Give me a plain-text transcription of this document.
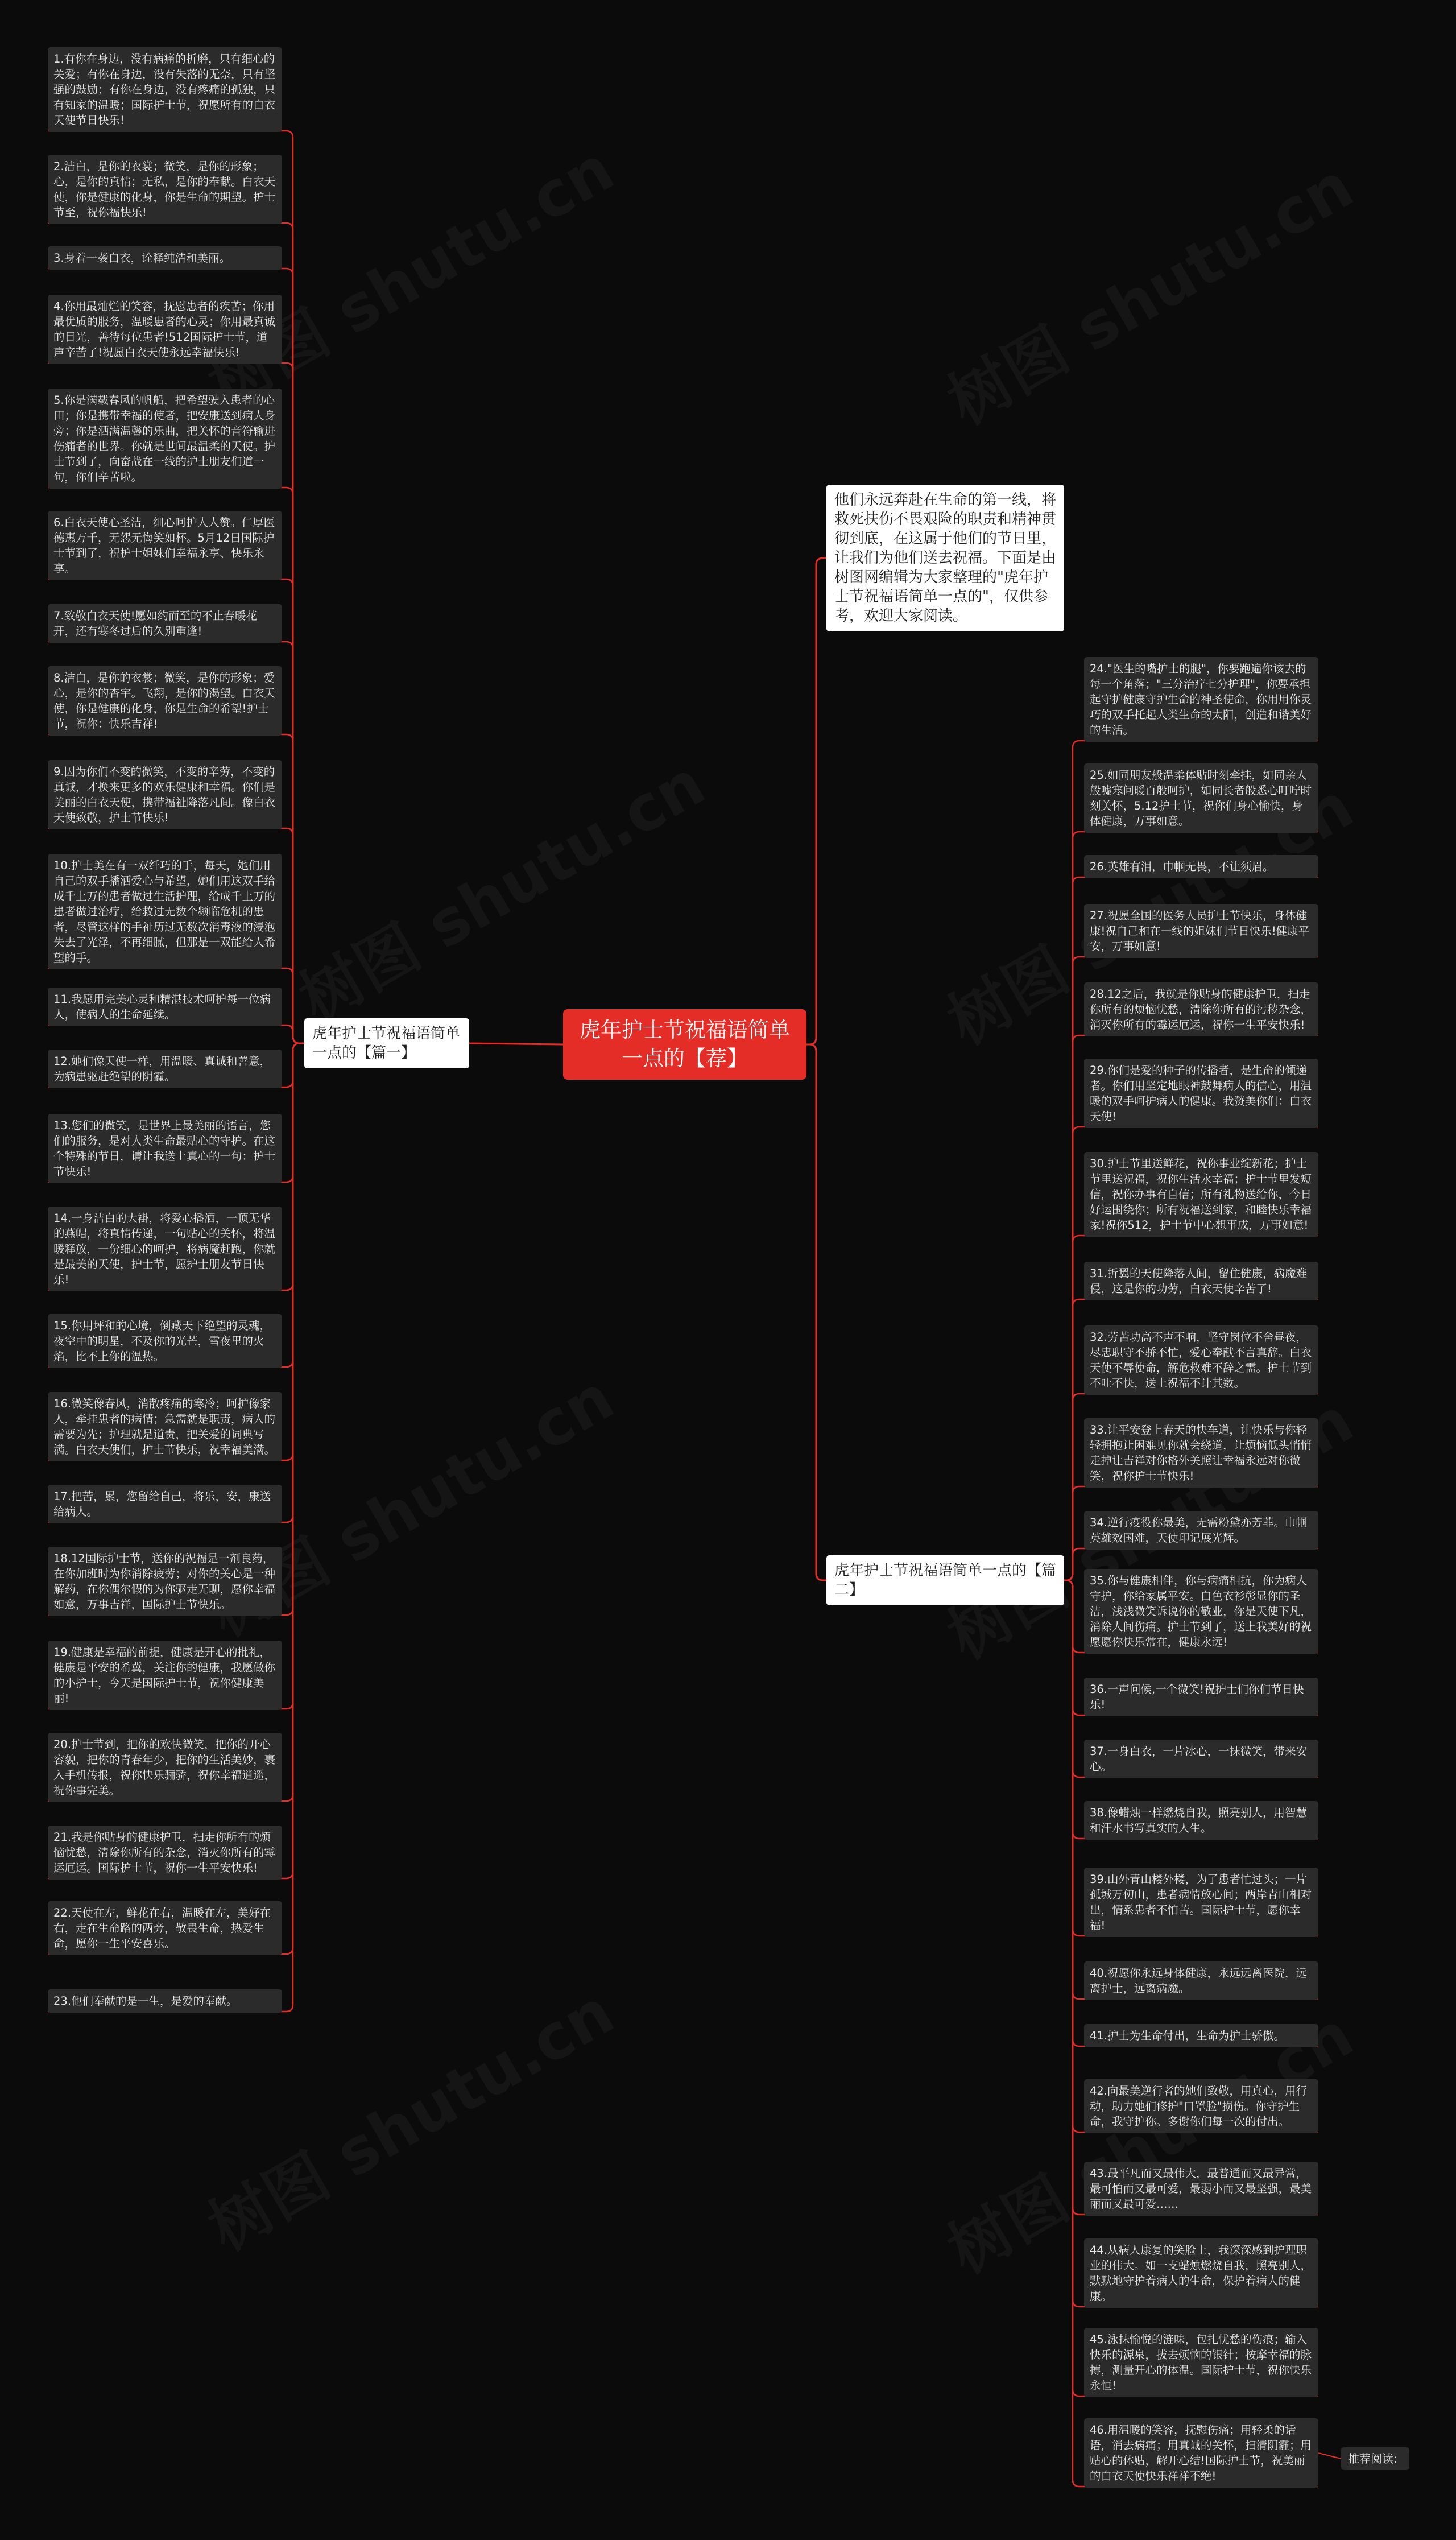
虎年护士节祝福语简单一点的【荐】
虎年护士节祝福语简单一点的【篇一】
他们永远奔赴在生命的第一线，将救死扶伤不畏艰险的职责和精神贯彻到底，在这属于他们的节日里，让我们为他们送去祝福。下面是由树图网编辑为大家整理的"虎年护士节祝福语简单一点的"，仅供参考，欢迎大家阅读。
虎年护士节祝福语简单一点的【篇二】
1.有你在身边，没有病痛的折磨，只有细心的关爱；有你在身边，没有失落的无奈，只有坚强的鼓励；有你在身边，没有疼痛的孤独，只有知家的温暖；国际护士节，祝愿所有的白衣天使节日快乐!
2.洁白，是你的衣裳；微笑，是你的形象；心，是你的真情；无私，是你的奉献。白衣天使，你是健康的化身，你是生命的期望。护士节至，祝你福快乐!
3.身着一袭白衣，诠释纯洁和美丽。
4.你用最灿烂的笑容，抚慰患者的疾苦；你用最优质的服务，温暖患者的心灵；你用最真诚的目光，善待每位患者!512国际护士节，道声辛苦了!祝愿白衣天使永远幸福快乐!
5.你是满载春风的帆船，把希望驶入患者的心田；你是携带幸福的使者，把安康送到病人身旁；你是洒满温馨的乐曲，把关怀的音符输进伤痛者的世界。你就是世间最温柔的天使。护士节到了，向奋战在一线的护士朋友们道一句，你们辛苦啦。
6.白衣天使心圣洁，细心呵护人人赞。仁厚医德惠万千，无怨无悔笑如杯。5月12日国际护士节到了，祝护士姐妹们幸福永享、快乐永享。
7.致敬白衣天使!愿如约而至的不止春暖花开，还有寒冬过后的久别重逢!
8.洁白，是你的衣裳；微笑，是你的形象；爱心，是你的杏宇。飞翔，是你的渴望。白衣天使，你是健康的化身，你是生命的希望!护士节，祝你：快乐吉祥!
9.因为你们不变的微笑，不变的辛劳，不变的真诚，才换来更多的欢乐健康和幸福。你们是美丽的白衣天使，携带福祉降落凡间。像白衣天使致敬，护士节快乐!
10.护士美在有一双纤巧的手，每天，她们用自己的双手播洒爱心与希望，她们用这双手给成千上万的患者做过生活护理，给成千上万的患者做过治疗，给救过无数个频临危机的患者，尽管这样的手祉历过无数次消毒液的浸泡失去了光泽，不再细腻，但那是一双能给人希望的手。
11.我愿用完美心灵和精湛技术呵护每一位病人，使病人的生命延续。
12.她们像天使一样，用温暖、真诚和善意，为病患驱赶绝望的阴霾。
13.您们的微笑，是世界上最美丽的语言，您们的服务，是对人类生命最贴心的守护。在这个特殊的节日，请让我送上真心的一句：护士节快乐!
14.一身洁白的大褂，将爱心播洒，一顶无华的燕帽，将真情传递，一句贴心的关怀，将温暖释放，一份细心的呵护，将病魔赶跑，你就是最美的天使，护士节，愿护士朋友节日快乐!
15.你用坪和的心境，倒藏天下绝望的灵魂，夜空中的明星，不及你的光芒，雪夜里的火焰，比不上你的温热。
16.微笑像春风，消散疼痛的寒冷；呵护像家人，牵挂患者的病情；急需就是职责，病人的需要为先；护理就是道责，把关爱的词典写满。白衣天使们，护士节快乐，祝幸福美满。
17.把苦，累，您留给自己，将乐，安，康送给病人。
18.12国际护士节，送你的祝福是一剂良药，在你加班时为你消除疲劳；对你的关心是一种解药，在你偶尔假的为你驱走无聊，愿你幸福如意，万事吉祥，国际护士节快乐。
19.健康是幸福的前提，健康是开心的批礼，健康是平安的希冀，关注你的健康，我愿做你的小护士，今天是国际护士节，祝你健康美丽!
20.护士节到，把你的欢快微笑，把你的开心容貌，把你的青春年少，把你的生活美妙，裹入手机传报，祝你快乐骊骄，祝你幸福逍遥，祝你事完美。
21.我是你贴身的健康护卫，扫走你所有的烦恼忧愁，清除你所有的杂念，消灭你所有的霉运厄运。国际护士节，祝你一生平安快乐!
22.天使在左，鲜花在右，温暖在左，美好在右，走在生命路的两旁，敬畏生命，热爱生命，愿你一生平安喜乐。
23.他们奉献的是一生，是爱的奉献。
24."医生的嘴护士的腿"，你要跑遍你该去的每一个角落；"三分治疗七分护理"，你要承担起守护健康守护生命的神圣使命，你用用你灵巧的双手托起人类生命的太阳，创造和谐美好的生活。
25.如同朋友般温柔体贴时刻牵挂，如同亲人般嘘寒问暖百般呵护，如同长者般悉心叮咛时刻关怀，5.12护士节，祝你们身心愉快，身体健康，万事如意。
26.英雄有泪，巾帼无畏，不让须眉。
27.祝愿全国的医务人员护士节快乐，身体健康!祝自己和在一线的姐妹们节日快乐!健康平安，万事如意!
28.12之后，我就是你贴身的健康护卫，扫走你所有的烦恼忧愁，清除你所有的污秽杂念，消灭你所有的霉运厄运，祝你一生平安快乐!
29.你们是爱的种子的传播者，是生命的倾递者。你们用坚定地眼神鼓舞病人的信心，用温暖的双手呵护病人的健康。我赞美你们：白衣天使!
30.护士节里送鲜花，祝你事业绽新花；护士节里送祝福，祝你生活永幸福；护士节里发短信，祝你办事有自信；所有礼物送给你，今日好运围绕你；所有祝福送到家，和睦快乐幸福家!祝你512，护士节中心想事成，万事如意!
31.折翼的天使降落人间，留住健康，病魔难侵，这是你的功劳，白衣天使辛苦了!
32.劳苦功高不声不响，坚守岗位不舍昼夜，尽忠职守不骄不忙，爱心奉献不言真辞。白衣天使不辱使命，解危救难不辞之需。护士节到不吐不快，送上祝福不计其数。
33.让平安登上春天的快车道，让快乐与你轻轻拥抱让困难见你就会绕道，让烦恼低头悄悄走掉让吉祥对你格外关照让幸福永远对你微笑，祝你护士节快乐!
34.逆行疫役你最美，无需粉黛亦芳菲。巾帼英雄效国难，天使印记展光辉。
35.你与健康相伴，你与病痛相抗，你为病人守护，你给家属平安。白色衣衫彰显你的圣洁，浅浅微笑诉说你的敬业，你是天使下凡，消除人间伤痛。护士节到了，送上我美好的祝愿愿你快乐常在，健康永远!
36.一声问候,一个微笑!祝护士们你们节日快乐!
37.一身白衣，一片冰心，一抹微笑，带来安心。
38.像蜡烛一样燃烧自我，照亮别人，用智慧和汗水书写真实的人生。
39.山外青山楼外楼，为了患者忙过头；一片孤城万仞山，患者病情放心间；两岸青山相对出，情系患者不怕苦。国际护士节，愿你幸福!
40.祝愿你永远身体健康，永远远离医院，远离护士，远离病魔。
41.护士为生命付出，生命为护士骄傲。
42.向最美逆行者的她们致敬，用真心，用行动，助力她们修护"口罩脸"损伤。你守护生命，我守护你。多谢你们每一次的付出。
43.最平凡而又最伟大，最普通而又最异常，最可怕而又最可爱，最弱小而又最坚强，最美丽而又最可爱……
44.从病人康复的笑脸上，我深深感到护理职业的伟大。如一支蜡烛燃烧自我，照亮别人，默默地守护着病人的生命，保护着病人的健康。
45.泳抹愉悦的涟味，包扎忧愁的伤痕；输入快乐的源泉，拔去烦恼的银针；按摩幸福的脉搏，测量开心的体温。国际护士节，祝你快乐永恒!
46.用温暖的笑容，抚慰伤痛；用轻柔的话语，消去病痛；用真诚的关怀，扫清阴霾；用贴心的体贴，解开心结!国际护士节，祝美丽的白衣天使快乐祥祥不绝!
推荐阅读:
